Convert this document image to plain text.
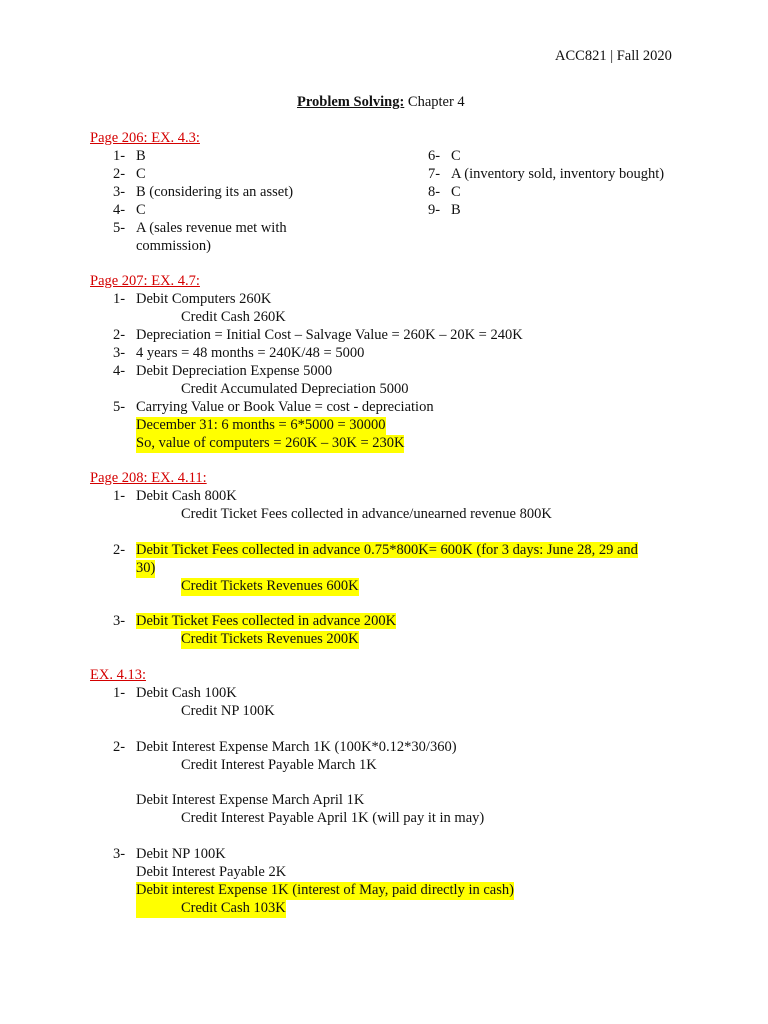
ACC821 | Fall 2020
Problem Solving: Chapter 4
Page 206: EX. 4.3:
1- B
2- C
3- B (considering its an asset)
4- C
5- A (sales revenue met with
commission)
6- C
7- A (inventory sold, inventory bought)
8- C
9- B
Page 207: EX. 4.7:
1- Debit Computers 260K
Credit Cash 260K
2- Depreciation = Initial Cost – Salvage Value = 260K – 20K = 240K
3- 4 years = 48 months = 240K/48 = 5000
4- Debit Depreciation Expense 5000
Credit Accumulated Depreciation 5000
5- Carrying Value or Book Value = cost - depreciation
December 31: 6 months = 6*5000 = 30000
So, value of computers = 260K – 30K = 230K
Page 208: EX. 4.11:
1- Debit Cash 800K
Credit Ticket Fees collected in advance/unearned revenue 800K
2- Debit Ticket Fees collected in advance 0.75*800K= 600K (for 3 days: June 28, 29 and
30)
Credit Tickets Revenues 600K
3- Debit Ticket Fees collected in advance 200K
Credit Tickets Revenues 200K
EX. 4.13:
1- Debit Cash 100K
Credit NP 100K
2- Debit Interest Expense March 1K (100K*0.12*30/360)
Credit Interest Payable March 1K
Debit Interest Expense March April 1K
Credit Interest Payable April 1K (will pay it in may)
3- Debit NP 100K
Debit Interest Payable 2K
Debit interest Expense 1K (interest of May, paid directly in cash)
Credit Cash 103K
